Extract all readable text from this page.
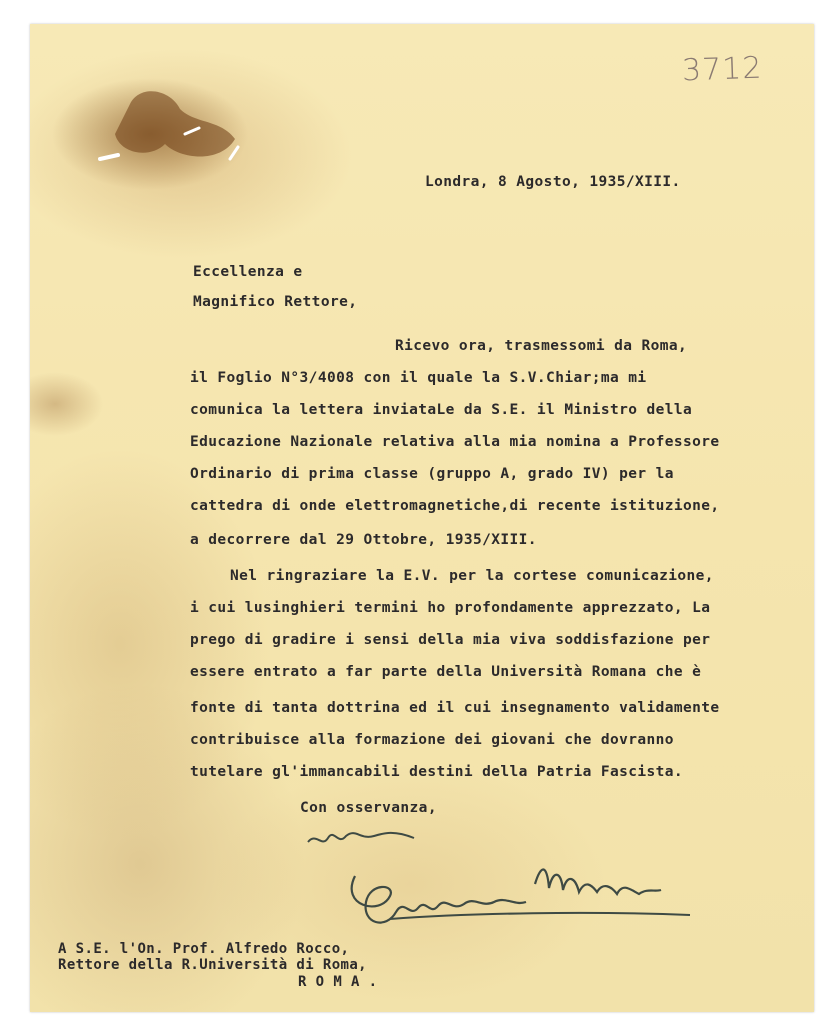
3712
Londra, 8 Agosto, 1935/XIII.
Eccellenza e
Magnifico Rettore,
Ricevo ora, trasmessomi da Roma,
il Foglio N°3/4008 con il quale la S.V.Chiar;ma mi
comunica la lettera inviataLe da S.E. il Ministro della
Educazione Nazionale relativa alla mia nomina a Professore
Ordinario di prima classe (gruppo A, grado IV) per la
cattedra di onde elettromagnetiche,di recente istituzione,
a decorrere dal 29 Ottobre, 1935/XIII.
Nel ringraziare la E.V. per la cortese comunicazione,
i cui lusinghieri termini ho profondamente apprezzato, La
prego di gradire i sensi della mia viva soddisfazione per
essere entrato a far parte della Università Romana che è
fonte di tanta dottrina ed il cui insegnamento validamente
contribuisce alla formazione dei giovani che dovranno
tutelare gl'immancabili destini della Patria Fascista.
Con osservanza,
A S.E. l'On. Prof. Alfredo Rocco,
Rettore della R.Università di Roma,
R O M A .
